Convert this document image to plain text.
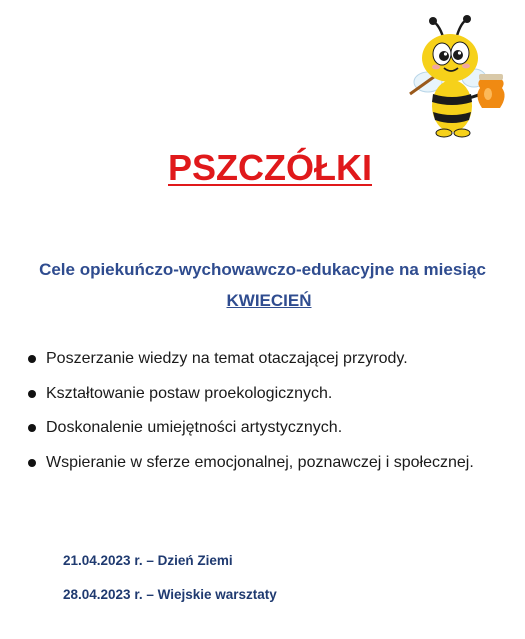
PSZCZÓŁKI
Cele opiekuńczo-wychowawczo-edukacyjne na miesiąc
KWIECIEŃ
Poszerzanie wiedzy na temat otaczającej przyrody.
Kształtowanie postaw proekologicznych.
Doskonalenie umiejętności artystycznych.
Wspieranie w sferze emocjonalnej, poznawczej i społecznej.
21.04.2023 r. – Dzień Ziemi
28.04.2023 r. – Wiejskie warsztaty
